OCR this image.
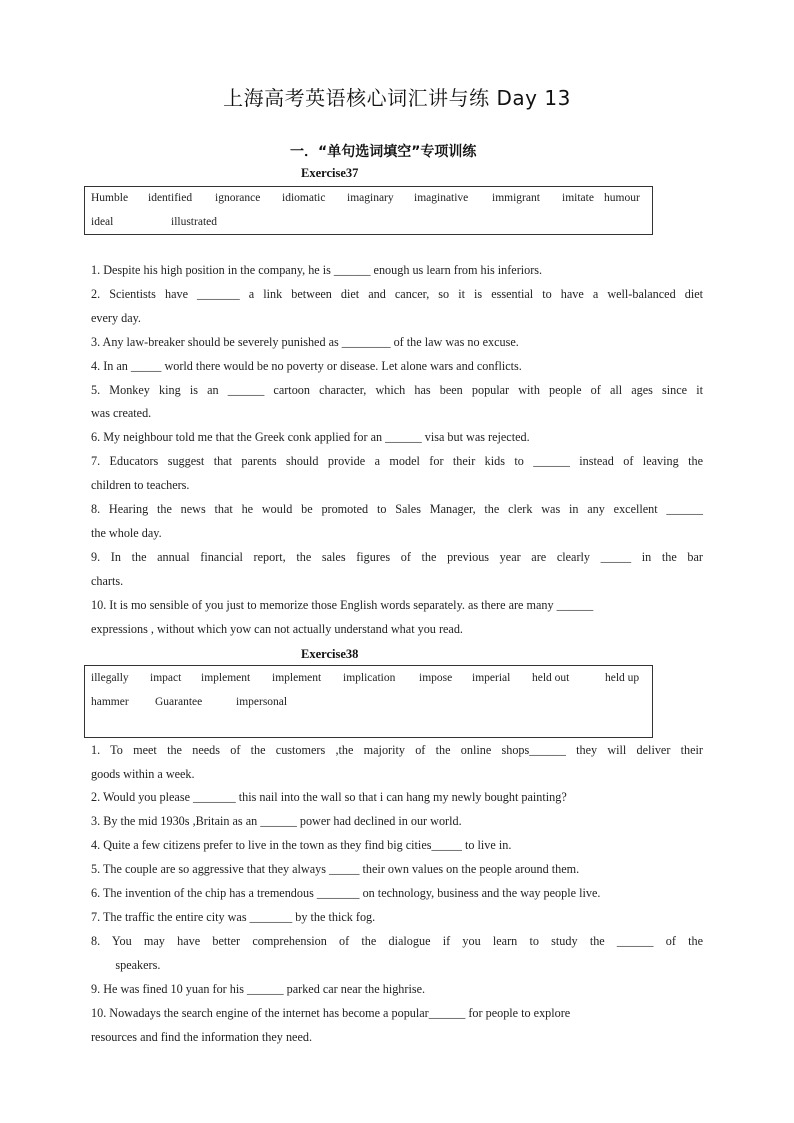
上海高考英语核心词汇讲与练 Day 13
一．“单句选词填空”专项训练
Exercise37
Humble identified ignorance idiomatic imaginary imaginative immigrant imitate humour
ideal	illustrated
1. Despite his high position in the company, he is ______ enough us learn from his inferiors.
2. Scientists have _______ a link between diet and cancer, so it is essential to have a well-balanced diet
every day.
3. Any law-breaker should be severely punished as ________ of the law was no excuse.
4. In an _____ world there would be no poverty or disease. Let alone wars and conflicts.
5. Monkey king is an ______ cartoon character, which has been popular with people of all ages since it
was created.
6. My neighbour told me that the Greek conk applied for an ______ visa but was rejected.
7. Educators suggest that parents should provide a model for their kids to ______ instead of leaving the
children to teachers.
8. Hearing the news that he would be promoted to Sales Manager, the clerk was in any excellent ______
the whole day.
9. In the annual financial report, the sales figures of the previous year are clearly _____ in the bar
charts.
10. It is mo sensible of you just to memorize those English words separately. as there are many ______
expressions , without which yow can not actually understand what you read.
Exercise38
illegally impact implement implement implication impose imperial held out	held up
hammer Guarantee	impersonal
1. To meet the needs of the customers ,the majority of the online shops______ they will deliver their
goods within a week.
2. Would you please _______ this nail into the wall so that i can hang my newly bought painting?
3. By the mid 1930s ,Britain as an ______ power had declined in our world.
4. Quite a few citizens prefer to live in the town as they find big cities_____ to live in.
5. The couple are so aggressive that they always _____ their own values on the people around them.
6. The invention of the chip has a tremendous _______ on technology, business and the way people live.
7. The traffic the entire city was _______ by the thick fog.
8. You may have better comprehension of the dialogue if you learn to study the ______ of the
speakers.
9. He was fined 10 yuan for his ______ parked car near the highrise.
10. Nowadays the search engine of the internet has become a popular______ for people to explore
resources and find the information they need.
